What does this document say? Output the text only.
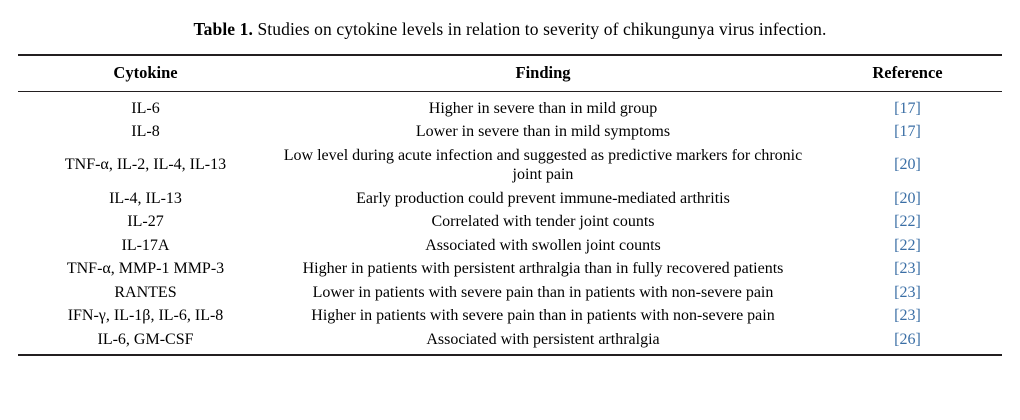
Table 1. Studies on cytokine levels in relation to severity of chikungunya virus infection.
Cytokine	Finding	Reference
IL-6	Higher in severe than in mild group	[17]
IL-8	Lower in severe than in mild symptoms	[17]
TNF-α, IL-2, IL-4, IL-13	Low level during acute infection and suggested as predictive markers for chronic joint pain	[20]
IL-4, IL-13	Early production could prevent immune-mediated arthritis	[20]
IL-27	Correlated with tender joint counts	[22]
IL-17A	Associated with swollen joint counts	[22]
TNF-α, MMP-1 MMP-3	Higher in patients with persistent arthralgia than in fully recovered patients	[23]
RANTES	Lower in patients with severe pain than in patients with non-severe pain	[23]
IFN-γ, IL-1β, IL-6, IL-8	Higher in patients with severe pain than in patients with non-severe pain	[23]
IL-6, GM-CSF	Associated with persistent arthralgia	[26]
